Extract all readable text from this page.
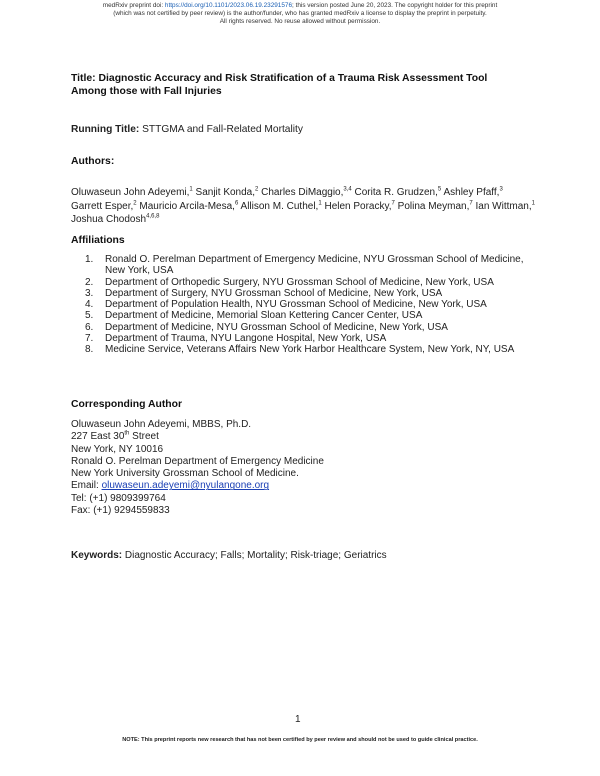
medRxiv preprint doi: https://doi.org/10.1101/2023.06.19.23291576; this version posted June 20, 2023. The copyright holder for this preprint
(which was not certified by peer review) is the author/funder, who has granted medRxiv a license to display the preprint in perpetuity.
All rights reserved. No reuse allowed without permission.
Title: Diagnostic Accuracy and Risk Stratification of a Trauma Risk Assessment Tool
Among those with Fall Injuries
Running Title: STTGMA and Fall-Related Mortality
Authors:
Oluwaseun John Adeyemi,$^1$ Sanjit Konda,$^2$ Charles DiMaggio,$^{3,4}$ Corita R. Grudzen,$^5$ Ashley Pfaff,$^3$ Garrett Esper,$^2$ Mauricio Arcila-Mesa,$^6$ Allison M. Cuthel,$^1$ Helen Poracky,$^7$ Polina Meyman,$^7$ Ian Wittman,$^1$ Joshua Chodosh$^{4,6,8}$
Affiliations
1. Ronald O. Perelman Department of Emergency Medicine, NYU Grossman School of Medicine, New York, USA
2. Department of Orthopedic Surgery, NYU Grossman School of Medicine, New York, USA
3. Department of Surgery, NYU Grossman School of Medicine, New York, USA
4. Department of Population Health, NYU Grossman School of Medicine, New York, USA
5. Department of Medicine, Memorial Sloan Kettering Cancer Center, USA
6. Department of Medicine, NYU Grossman School of Medicine, New York, USA
7. Department of Trauma, NYU Langone Hospital, New York, USA
8. Medicine Service, Veterans Affairs New York Harbor Healthcare System, New York, NY, USA
Corresponding Author
Oluwaseun John Adeyemi, MBBS, Ph.D.
227 East 30th Street
New York, NY 10016
Ronald O. Perelman Department of Emergency Medicine
New York University Grossman School of Medicine.
Email: oluwaseun.adeyemi@nyulangone.org
Tel: (+1) 9809399764
Fax: (+1) 9294559833
Keywords: Diagnostic Accuracy; Falls; Mortality; Risk-triage; Geriatrics
1
NOTE: This preprint reports new research that has not been certified by peer review and should not be used to guide clinical practice.
